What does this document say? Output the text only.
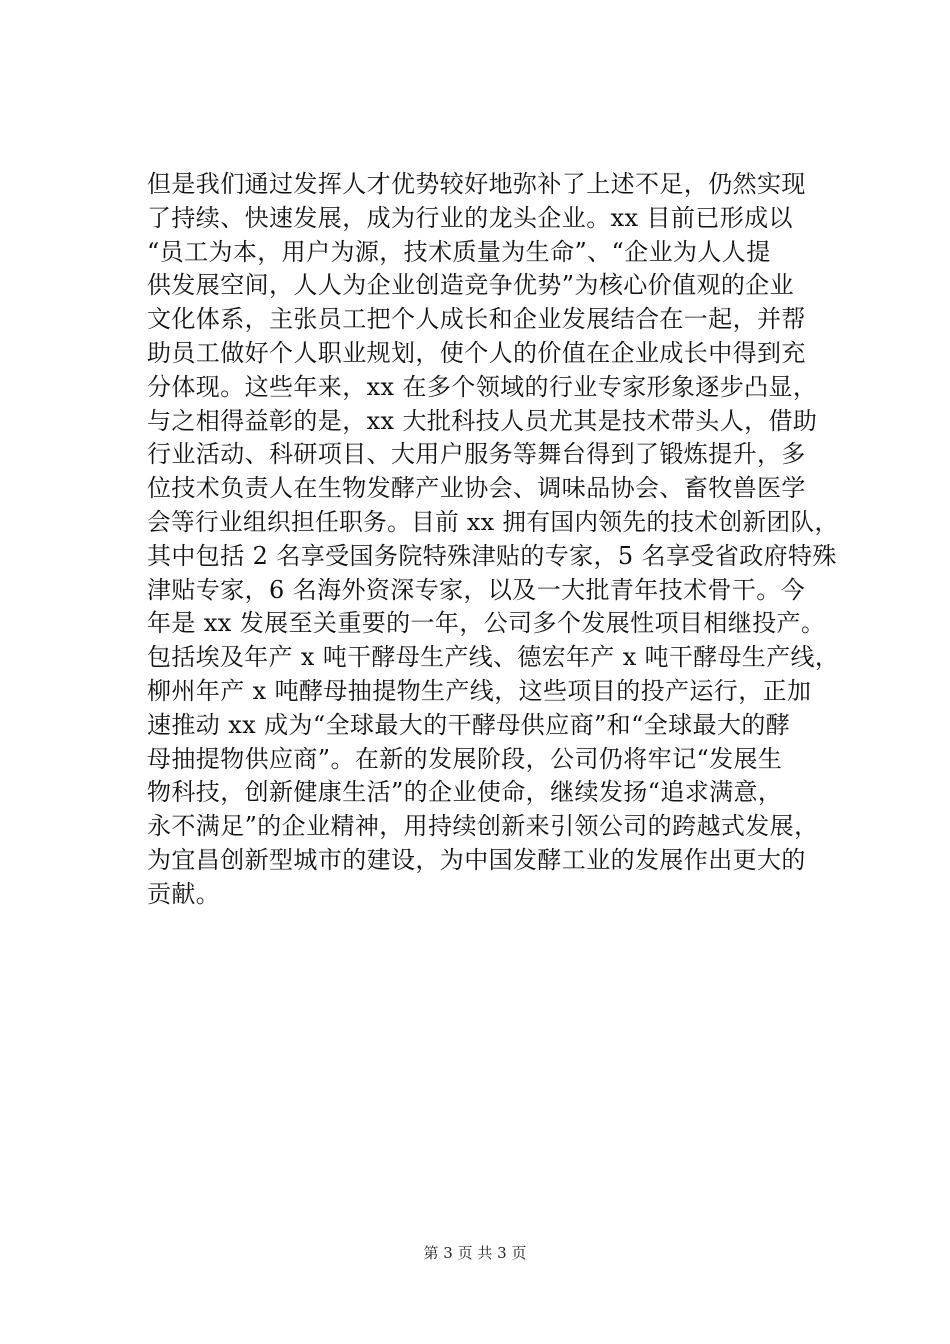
但是我们通过发挥人才优势较好地弥补了上述不足，仍然实现
了持续、快速发展，成为行业的龙头企业。xx 目前已形成以
“员工为本，用户为源，技术质量为生命”、“企业为人人提
供发展空间，人人为企业创造竞争优势”为核心价值观的企业
文化体系，主张员工把个人成长和企业发展结合在一起，并帮
助员工做好个人职业规划，使个人的价值在企业成长中得到充
分体现。这些年来，xx 在多个领域的行业专家形象逐步凸显，
与之相得益彰的是，xx 大批科技人员尤其是技术带头人，借助
行业活动、科研项目、大用户服务等舞台得到了锻炼提升，多
位技术负责人在生物发酵产业协会、调味品协会、畜牧兽医学
会等行业组织担任职务。目前 xx 拥有国内领先的技术创新团队，
其中包括 2 名享受国务院特殊津贴的专家，5 名享受省政府特殊
津贴专家，6 名海外资深专家，以及一大批青年技术骨干。今
年是 xx 发展至关重要的一年，公司多个发展性项目相继投产。
包括埃及年产 x 吨干酵母生产线、德宏年产 x 吨干酵母生产线，
柳州年产 x 吨酵母抽提物生产线，这些项目的投产运行，正加
速推动 xx 成为“全球最大的干酵母供应商”和“全球最大的酵
母抽提物供应商”。在新的发展阶段，公司仍将牢记“发展生
物科技，创新健康生活”的企业使命，继续发扬“追求满意，
永不满足”的企业精神，用持续创新来引领公司的跨越式发展，
为宜昌创新型城市的建设，为中国发酵工业的发展作出更大的
贡献。
第 3 页 共 3 页
